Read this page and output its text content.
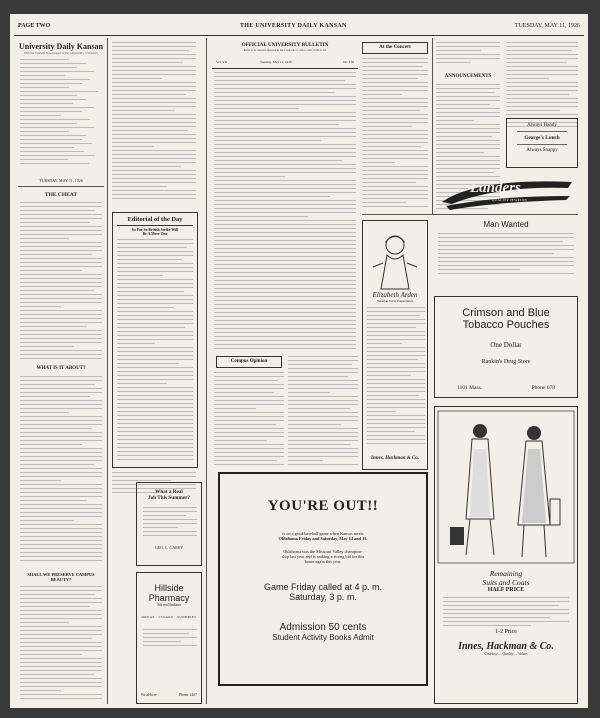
PAGE TWO	THE UNIVERSITY DAILY KANSAN	TUESDAY, MAY 11, 1926
University Daily Kansan
Official Student Newspaper of the University of Kansas
TUESDAY, MAY 11, 1926
THE CHEAT
WHAT IS IT ABOUT?
SHALL WE PRESERVE CAMPUS BEAUTY?
Editorial of the Day
So Far So British Strike Will
Be A Mere One
What a Real
Job This Summer?
GEO. L. CAREY
Hillside
Pharmacy
9th and Indiana
DRUGS · CIGARS · SUNDRIES
We deliver	Phone 1467
OFFICIAL UNIVERSITY BULLETIN
Items to be inserted must be in the Chancellor's office until 11:00 A. M.
Vol. VII	Tuesday, May 11, 1926	No. 158
Compus Opinion
At the Concert
ANNOUNCEMENTS
Always Handy
George's Lunch
Always Snappy
Landers
QUALITY JEWELRY
Elizabeth Arden
Venetian Toilet Preparations
Innes, Hackman & Co.
Man Wanted
Crimson and Blue
Tobacco Pouches
One Dollar
Rankin's Drug Store
1101 Mass.	Phone 678
YOU'RE OUT!!
is on a good baseball game when Kansas meets
Oklahoma Friday and Saturday, May 14 and 15.
Oklahoma was the Missouri Valley champion-
ship last year and is making a strong bid for this
home again this year.
Game Friday called at 4 p. m.
Saturday, 3 p. m.
Admission 50 cents
Student Activity Books Admit
Remaining
Suits and Coats
HALF PRICE
1-2 Price
Innes, Hackman & Co.
Courtesy — Quality — Values
